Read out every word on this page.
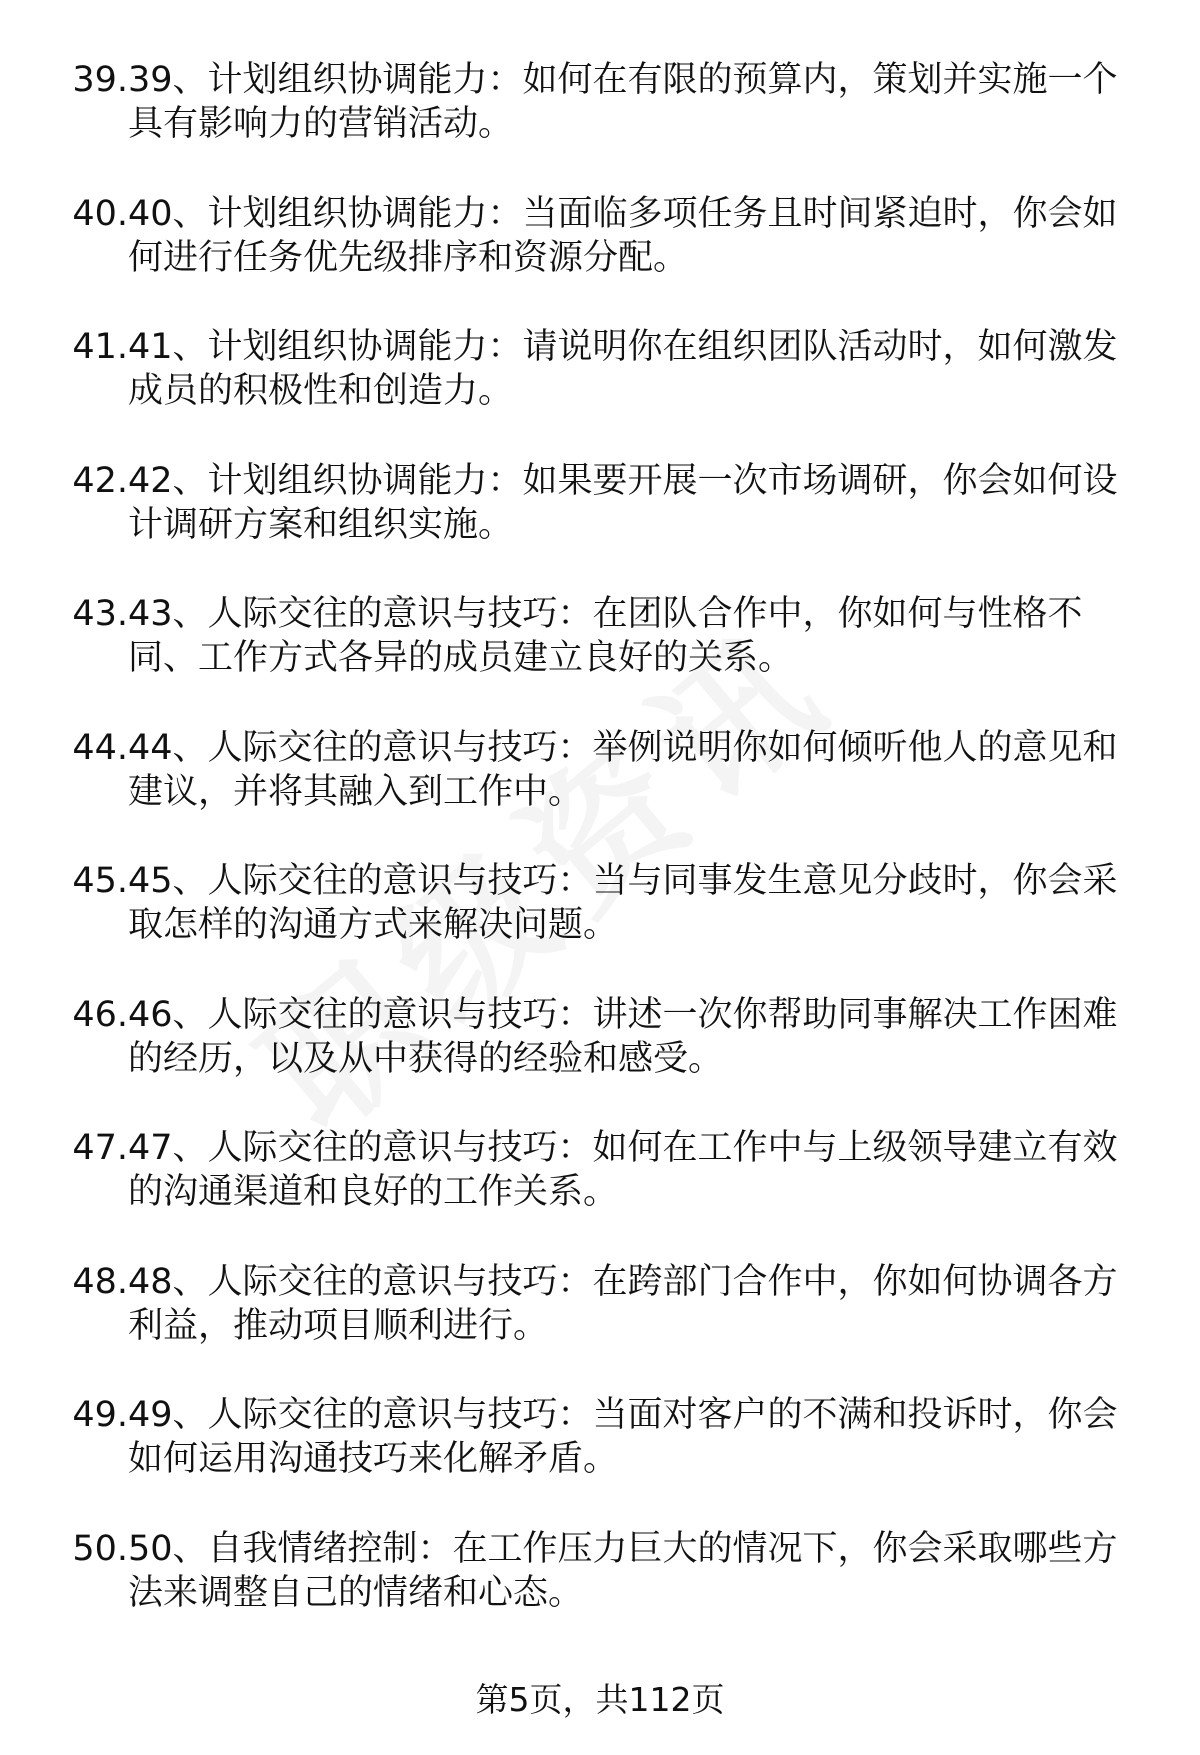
39. 39、计划组织协调能力：如何在有限的预算内，策划并实施一个具有影响力的营销活动。
40. 40、计划组织协调能力：当面临多项任务且时间紧迫时，你会如何进行任务优先级排序和资源分配。
41. 41、计划组织协调能力：请说明你在组织团队活动时，如何激发成员的积极性和创造力。
42. 42、计划组织协调能力：如果要开展一次市场调研，你会如何设计调研方案和组织实施。
43. 43、人际交往的意识与技巧：在团队合作中，你如何与性格不同、工作方式各异的成员建立良好的关系。
44. 44、人际交往的意识与技巧：举例说明你如何倾听他人的意见和建议，并将其融入到工作中。
45. 45、人际交往的意识与技巧：当与同事发生意见分歧时，你会采取怎样的沟通方式来解决问题。
46. 46、人际交往的意识与技巧：讲述一次你帮助同事解决工作困难的经历，以及从中获得的经验和感受。
47. 47、人际交往的意识与技巧：如何在工作中与上级领导建立有效的沟通渠道和良好的工作关系。
48. 48、人际交往的意识与技巧：在跨部门合作中，你如何协调各方利益，推动项目顺利进行。
49. 49、人际交往的意识与技巧：当面对客户的不满和投诉时，你会如何运用沟通技巧来化解矛盾。
50. 50、自我情绪控制：在工作压力巨大的情况下，你会采取哪些方法来调整自己的情绪和心态。
第5页，共112页
